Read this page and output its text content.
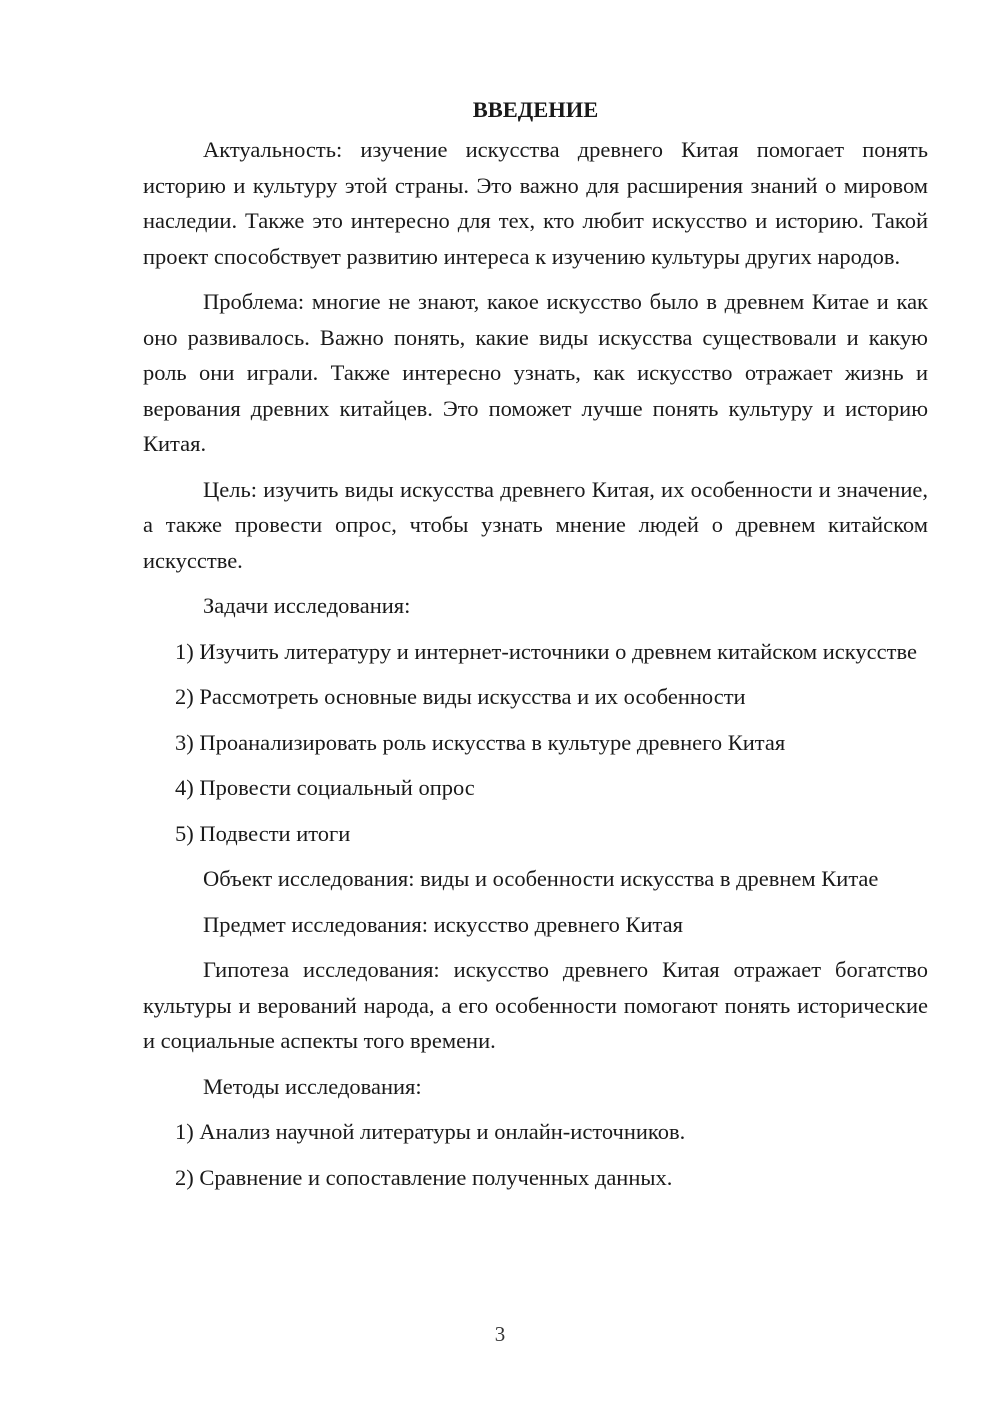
ВВЕДЕНИЕ

Актуальность: изучение искусства древнего Китая помогает понять историю и культуру этой страны. Это важно для расширения знаний о мировом наследии. Также это интересно для тех, кто любит искусство и историю. Такой проект способствует развитию интереса к изучению культуры других народов.

Проблема: многие не знают, какое искусство было в древнем Китае и как оно развивалось. Важно понять, какие виды искусства существовали и какую роль они играли. Также интересно узнать, как искусство отражает жизнь и верования древних китайцев. Это поможет лучше понять культуру и историю Китая.

Цель: изучить виды искусства древнего Китая, их особенности и значение, а также провести опрос, чтобы узнать мнение людей о древнем китайском искусстве.

Задачи исследования:

1) Изучить литературу и интернет-источники о древнем китайском искусстве

2) Рассмотреть основные виды искусства и их особенности

3) Проанализировать роль искусства в культуре древнего Китая

4) Провести социальный опрос

5) Подвести итоги

Объект исследования: виды и особенности искусства в древнем Китае

Предмет исследования: искусство древнего Китая

Гипотеза исследования: искусство древнего Китая отражает богатство культуры и верований народа, а его особенности помогают понять исторические и социальные аспекты того времени.

Методы исследования:

1) Анализ научной литературы и онлайн-источников.

2) Сравнение и сопоставление полученных данных.

3
